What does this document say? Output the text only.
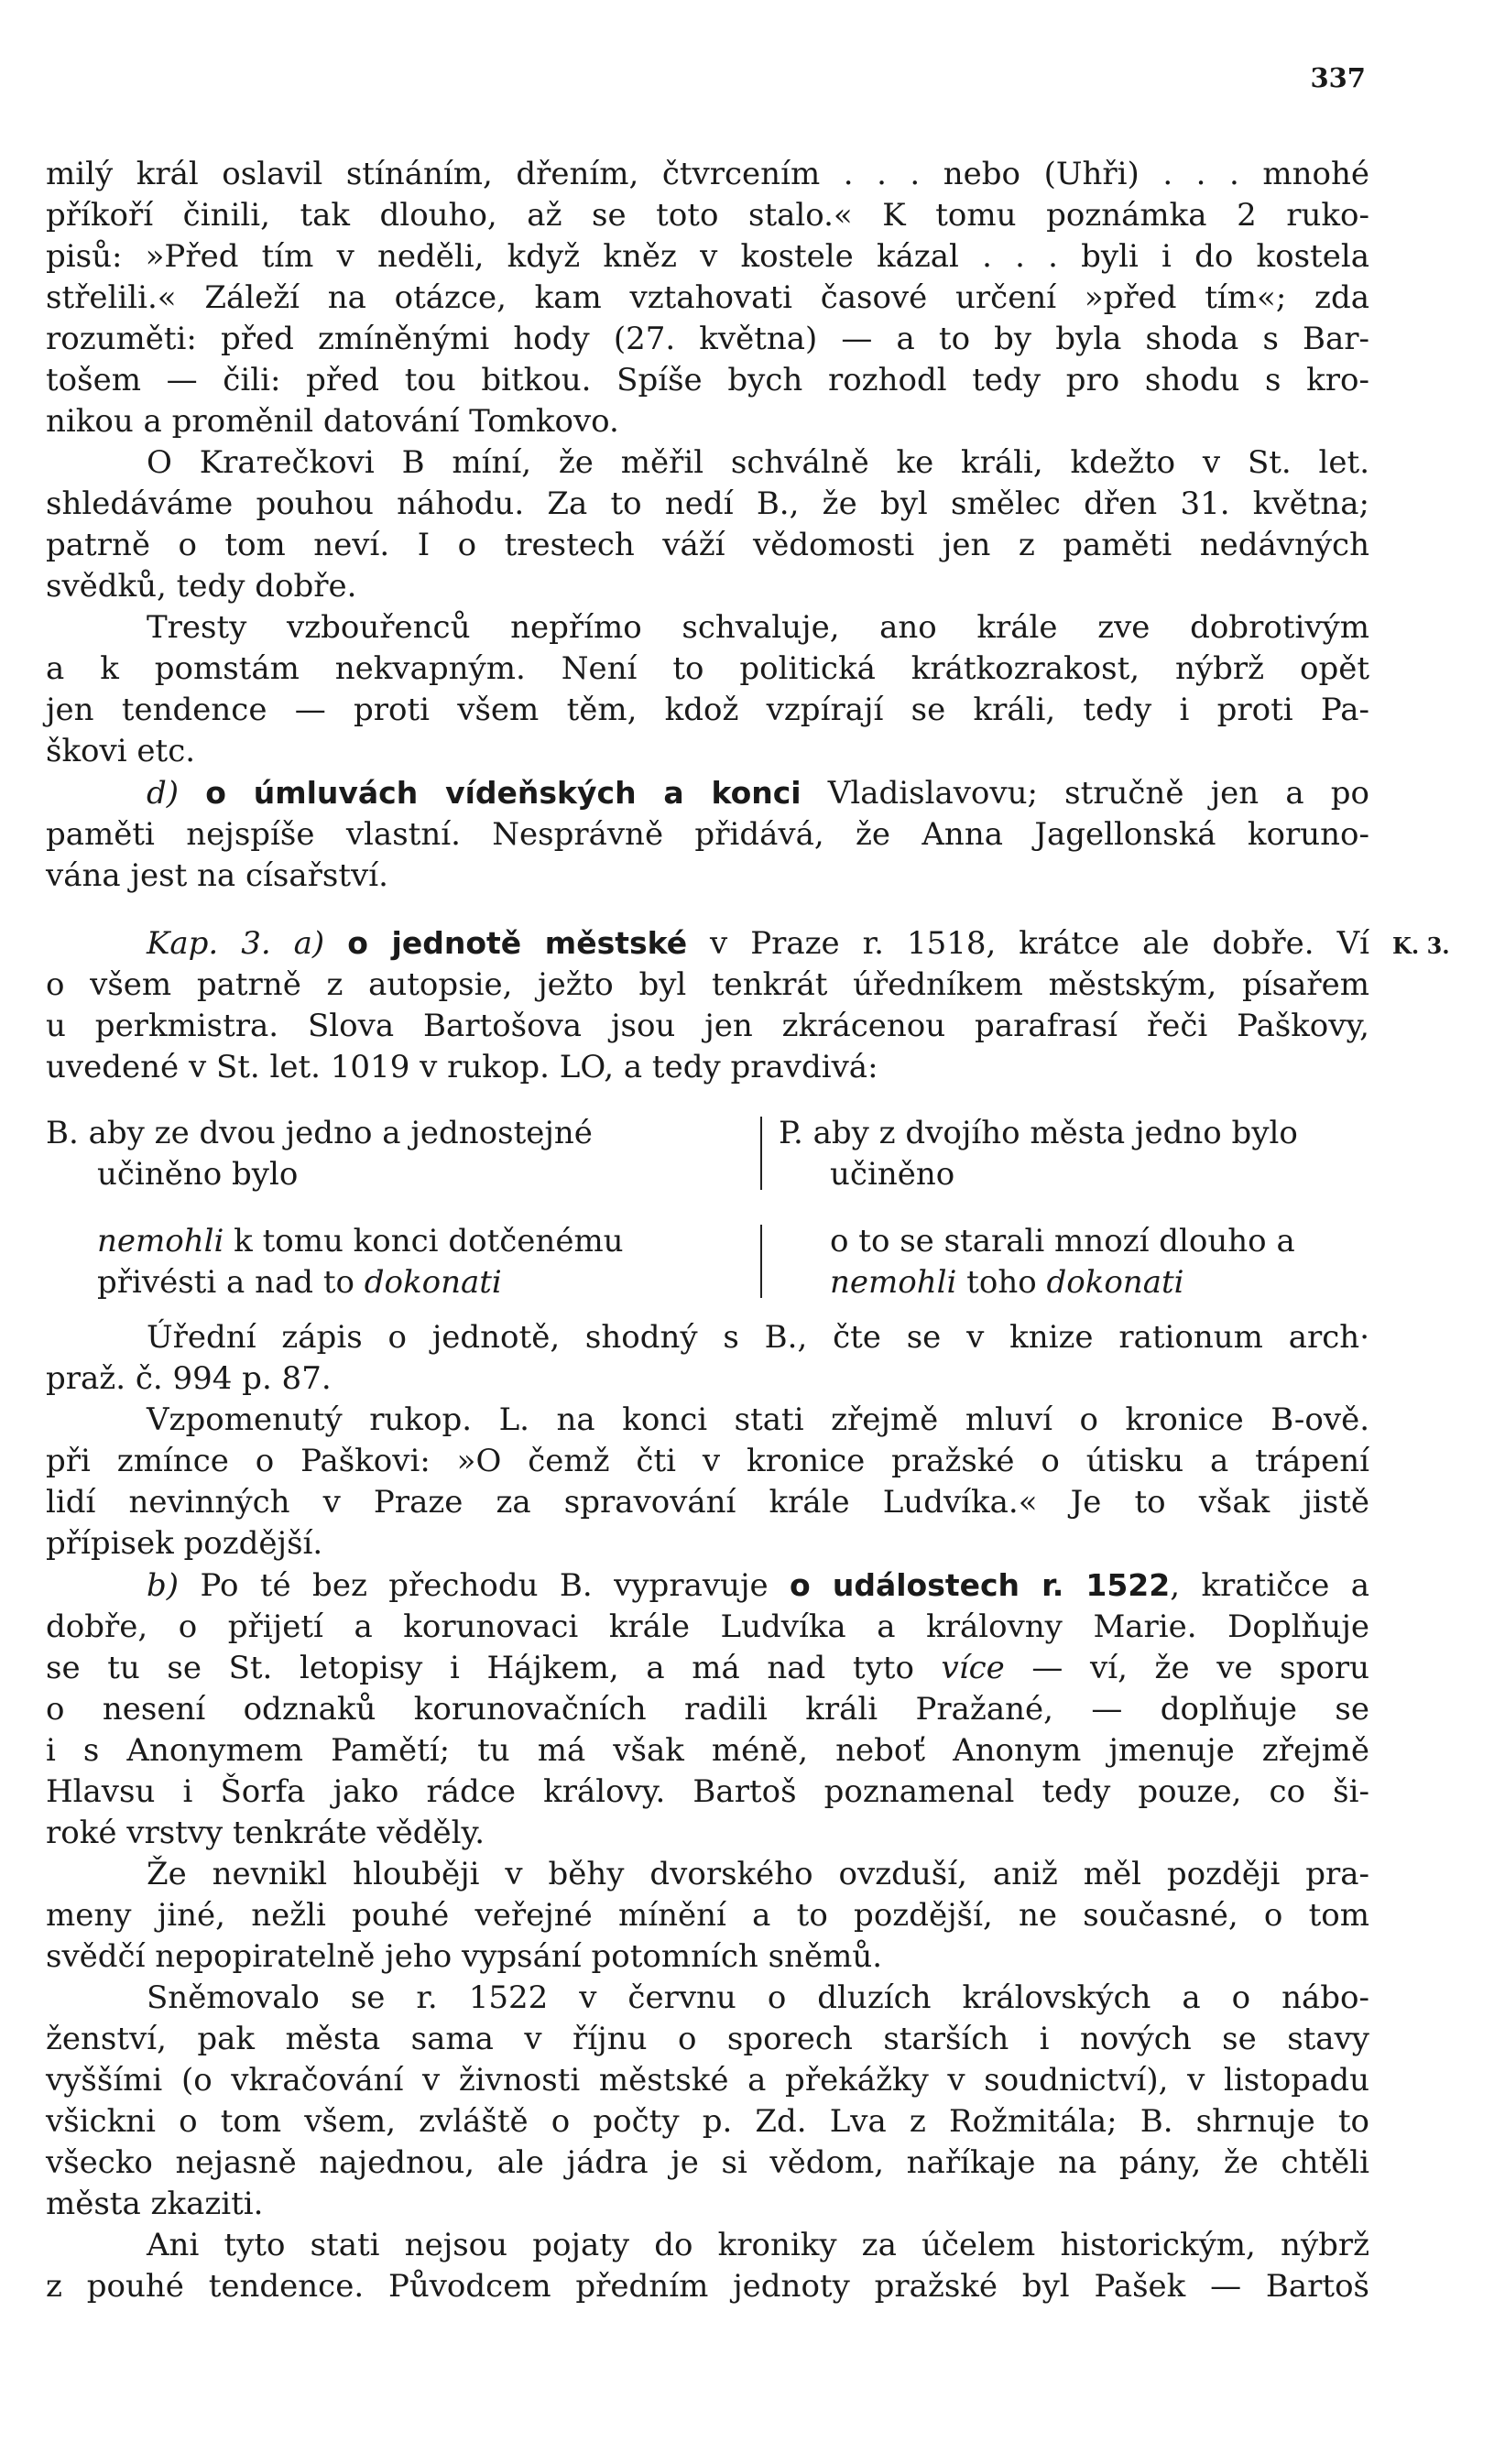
337
K. 3.

milý král oslavil stínáním, dřením, čtvrcením . . . nebo (Uhři) . . . mnohé
příkoří činili, tak dlouho, až se toto stalo.« K tomu poznámka 2 ruko-
pisů: »Před tím v neděli, když kněz v kostele kázal . . . byli i do kostela
střelili.« Záleží na otázce, kam vztahovati časové určení »před tím«; zda
rozuměti: před zmíněnými hody (27. května) — a to by byla shoda s Bar-
tošem — čili: před tou bitkou. Spíše bych rozhodl tedy pro shodu s kro-
nikou a proměnil datování Tomkovo.

O Krатečkovi B míní, že měřil schválně ke králi, kdežto v St. let.
shledáváme pouhou náhodu. Za to nedí B., že byl smělec dřen 31. května;
patrně o tom neví. I o trestech váží vědomosti jen z paměti nedávných
svědků, tedy dobře.

Tresty vzbouřenců nepřímo schvaluje, ano krále zve dobrotivým
a k pomstám nekvapným. Není to politická krátkozrakost, nýbrž opět
jen tendence — proti všem těm, kdož vzpírají se králi, tedy i proti Pa-
škovi etc.

d) o úmluvách vídeňských a konci Vladislavovu; stručně jen a po
paměti nejspíše vlastní. Nesprávně přidává, že Anna Jagellonská koruno-
vána jest na císařství.

Kap. 3. a) o jednotě městské v Praze r. 1518, krátce ale dobře. Ví
o všem patrně z autopsie, ježto byl tenkrát úředníkem městským, písařem
u perkmistra. Slova Bartošova jsou jen zkrácenou parafrasí řeči Paškovy,
uvedené v St. let. 1019 v rukop. LO, a tedy pravdivá:

B. aby ze dvou jedno a jednostejné
učiněno bylo
nemohli k tomu konci dotčenému
přivésti a nad to dokonati
P. aby z dvojího města jedno bylo
učiněno
o to se starali mnozí dlouho a
nemohli toho dokonati

Úřední zápis o jednotě, shodný s B., čte se v knize rationum arch·
praž. č. 994 p. 87.

Vzpomenutý rukop. L. na konci stati zřejmě mluví o kronice B-ově.
při zmínce o Paškovi: »O čemž čti v kronice pražské o útisku a trápení
lidí nevinných v Praze za spravování krále Ludvíka.« Je to však jistě
přípisek pozdější.

b) Po té bez přechodu B. vypravuje o událostech r. 1522, kratičce a
dobře, o přijetí a korunovaci krále Ludvíka a královny Marie. Doplňuje
se tu se St. letopisy i Hájkem, a má nad tyto více — ví, že ve sporu
o nesení odznaků korunovačních radili králi Pražané, — doplňuje se
i s Anonymem Pamětí; tu má však méně, neboť Anonym jmenuje zřejmě
Hlavsu i Šorfa jako rádce královy. Bartoš poznamenal tedy pouze, co ši-
roké vrstvy tenkráte věděly.

Že nevnikl hlouběji v běhy dvorského ovzduší, aniž měl později pra-
meny jiné, nežli pouhé veřejné mínění a to pozdější, ne současné, o tom
svědčí nepopiratelně jeho vypsání potomních sněmů.

Sněmovalo se r. 1522 v červnu o dluzích královských a o nábo-
ženství, pak města sama v říjnu o sporech starších i nových se stavy
vyššími (o vkračování v živnosti městské a překážky v soudnictví), v listopadu
všickni o tom všem, zvláště o počty p. Zd. Lva z Rožmitála; B. shrnuje to
všecko nejasně najednou, ale jádra je si vědom, naříkaje na pány, že chtěli
města zkaziti.

Ani tyto stati nejsou pojaty do kroniky za účelem historickým, nýbrž
z pouhé tendence. Původcem předním jednoty pražské byl Pašek — Bartoš
